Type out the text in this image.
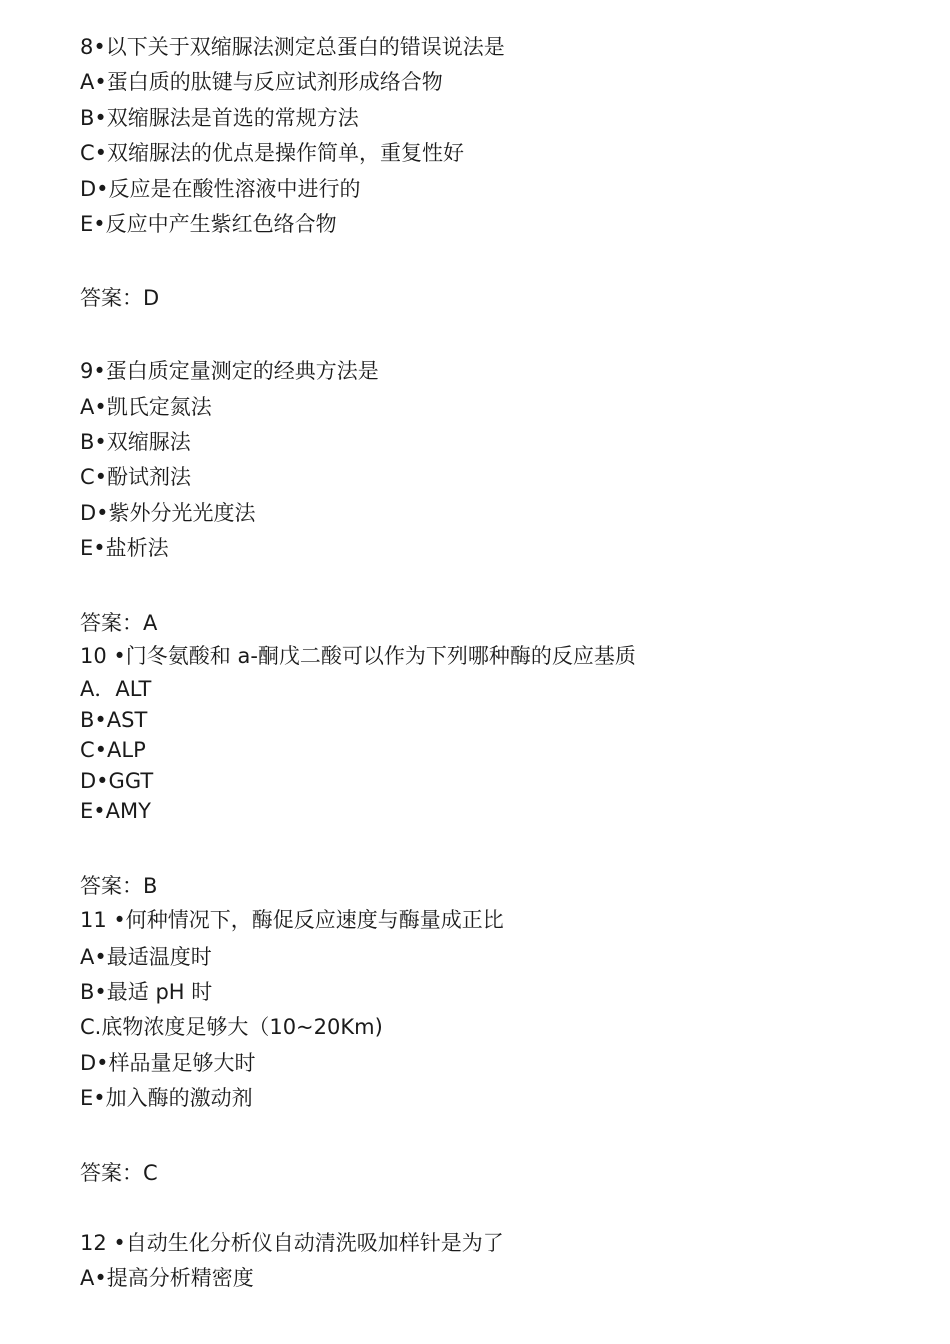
8•以下关于双缩脲法测定总蛋白的错误说法是

A•蛋白质的肽键与反应试剂形成络合物

B•双缩脲法是首选的常规方法

C•双缩脲法的优点是操作简单，重复性好

D•反应是在酸性溶液中进行的

E•反应中产生紫红色络合物

答案：D

9•蛋白质定量测定的经典方法是

A•凯氏定氮法

B•双缩脲法

C•酚试剂法

D•紫外分光光度法

E•盐析法

答案：A

10 •门冬氨酸和 a-酮戊二酸可以作为下列哪种酶的反应基质

A．ALT

B•AST

C•ALP

D•GGT

E•AMY

答案：B

11 •何种情况下，酶促反应速度与酶量成正比

A•最适温度时

B•最适 pH 时

C.底物浓度足够大（10~20Km)

D•样品量足够大时

E•加入酶的激动剂

答案：C

12 •自动生化分析仪自动清洗吸加样针是为了

A•提高分析精密度
